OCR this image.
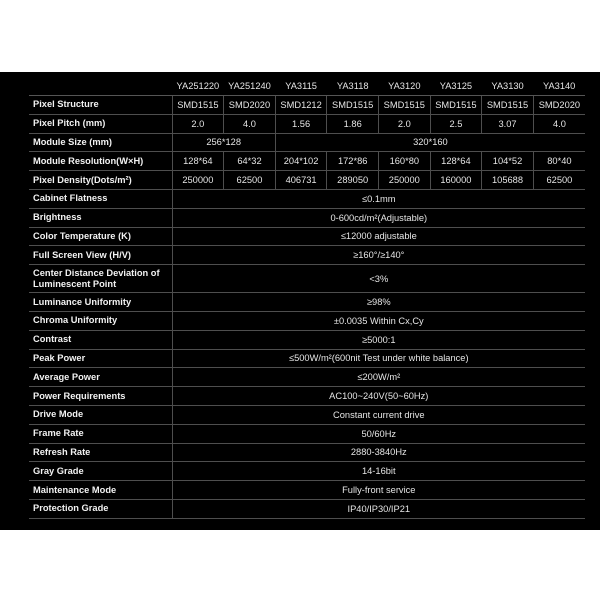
	YA251220	YA251240	YA3115	YA3118	YA3120	YA3125	YA3130	YA3140
Pixel Structure	SMD1515	SMD2020	SMD1212	SMD1515	SMD1515	SMD1515	SMD1515	SMD2020
Pixel Pitch (mm)	2.0	4.0	1.56	1.86	2.0	2.5	3.07	4.0
Module Size (mm)	256*128		320*160					
Module Resolution(W×H)	128*64	64*32	204*102	172*86	160*80	128*64	104*52	80*40
Pixel Density(Dots/m²)	250000	62500	406731	289050	250000	160000	105688	62500
Cabinet Flatness	≤0.1mm							
Brightness	0-600cd/m²(Adjustable)							
Color Temperature (K)	≤12000 adjustable							
Full Screen View (H/V)	≥160°/≥140°							
Center Distance Deviation of Luminescent Point	<3%							
Luminance Uniformity	≥98%							
Chroma Uniformity	±0.0035 Within Cx,Cy							
Contrast	≥5000:1							
Peak Power	≤500W/m²(600nit Test under white balance)							
Average Power	≤200W/m²							
Power Requirements	AC100~240V(50~60Hz)							
Drive Mode	Constant current drive							
Frame Rate	50/60Hz							
Refresh Rate	2880-3840Hz							
Gray Grade	14-16bit							
Maintenance Mode	Fully-front service							
Protection Grade	IP40/IP30/IP21							
